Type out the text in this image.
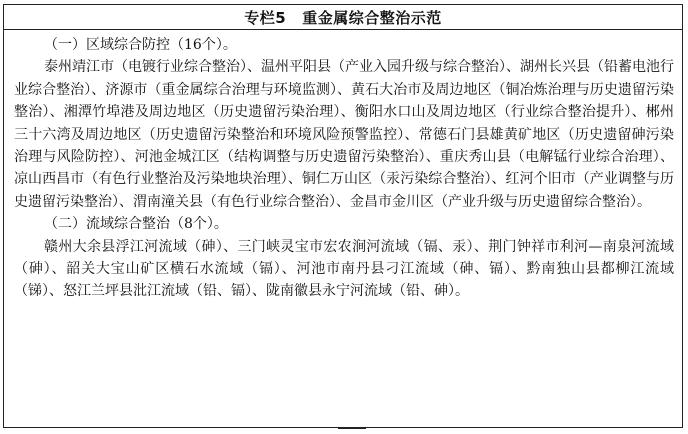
专栏5 重金属综合整治示范

（一）区域综合防控（16个）。

泰州靖江市（电镀行业综合整治）、温州平阳县（产业入园升级与综合整治）、湖州长兴县（铅蓄电池行业综合整治）、济源市（重金属综合治理与环境监测）、黄石大冶市及周边地区（铜冶炼治理与历史遗留污染整治）、湘潭竹埠港及周边地区（历史遗留污染治理）、衡阳水口山及周边地区（行业综合整治提升）、郴州三十六湾及周边地区（历史遗留污染整治和环境风险预警监控）、常德石门县雄黄矿地区（历史遗留砷污染治理与风险防控）、河池金城江区（结构调整与历史遗留污染整治）、重庆秀山县（电解锰行业综合治理）、凉山西昌市（有色行业整治及污染地块治理）、铜仁万山区（汞污染综合整治）、红河个旧市（产业调整与历史遗留污染整治）、渭南潼关县（有色行业综合整治）、金昌市金川区（产业升级与历史遗留综合整治）。

（二）流域综合整治（8个）。

赣州大余县浮江河流域（砷）、三门峡灵宝市宏农涧河流域（镉、汞）、荆门钟祥市利河—南泉河流域（砷）、韶关大宝山矿区横石水流域（镉）、河池市南丹县刁江流域（砷、镉）、黔南独山县都柳江流域（锑）、怒江兰坪县沘江流域（铅、镉）、陇南徽县永宁河流域（铅、砷）。
